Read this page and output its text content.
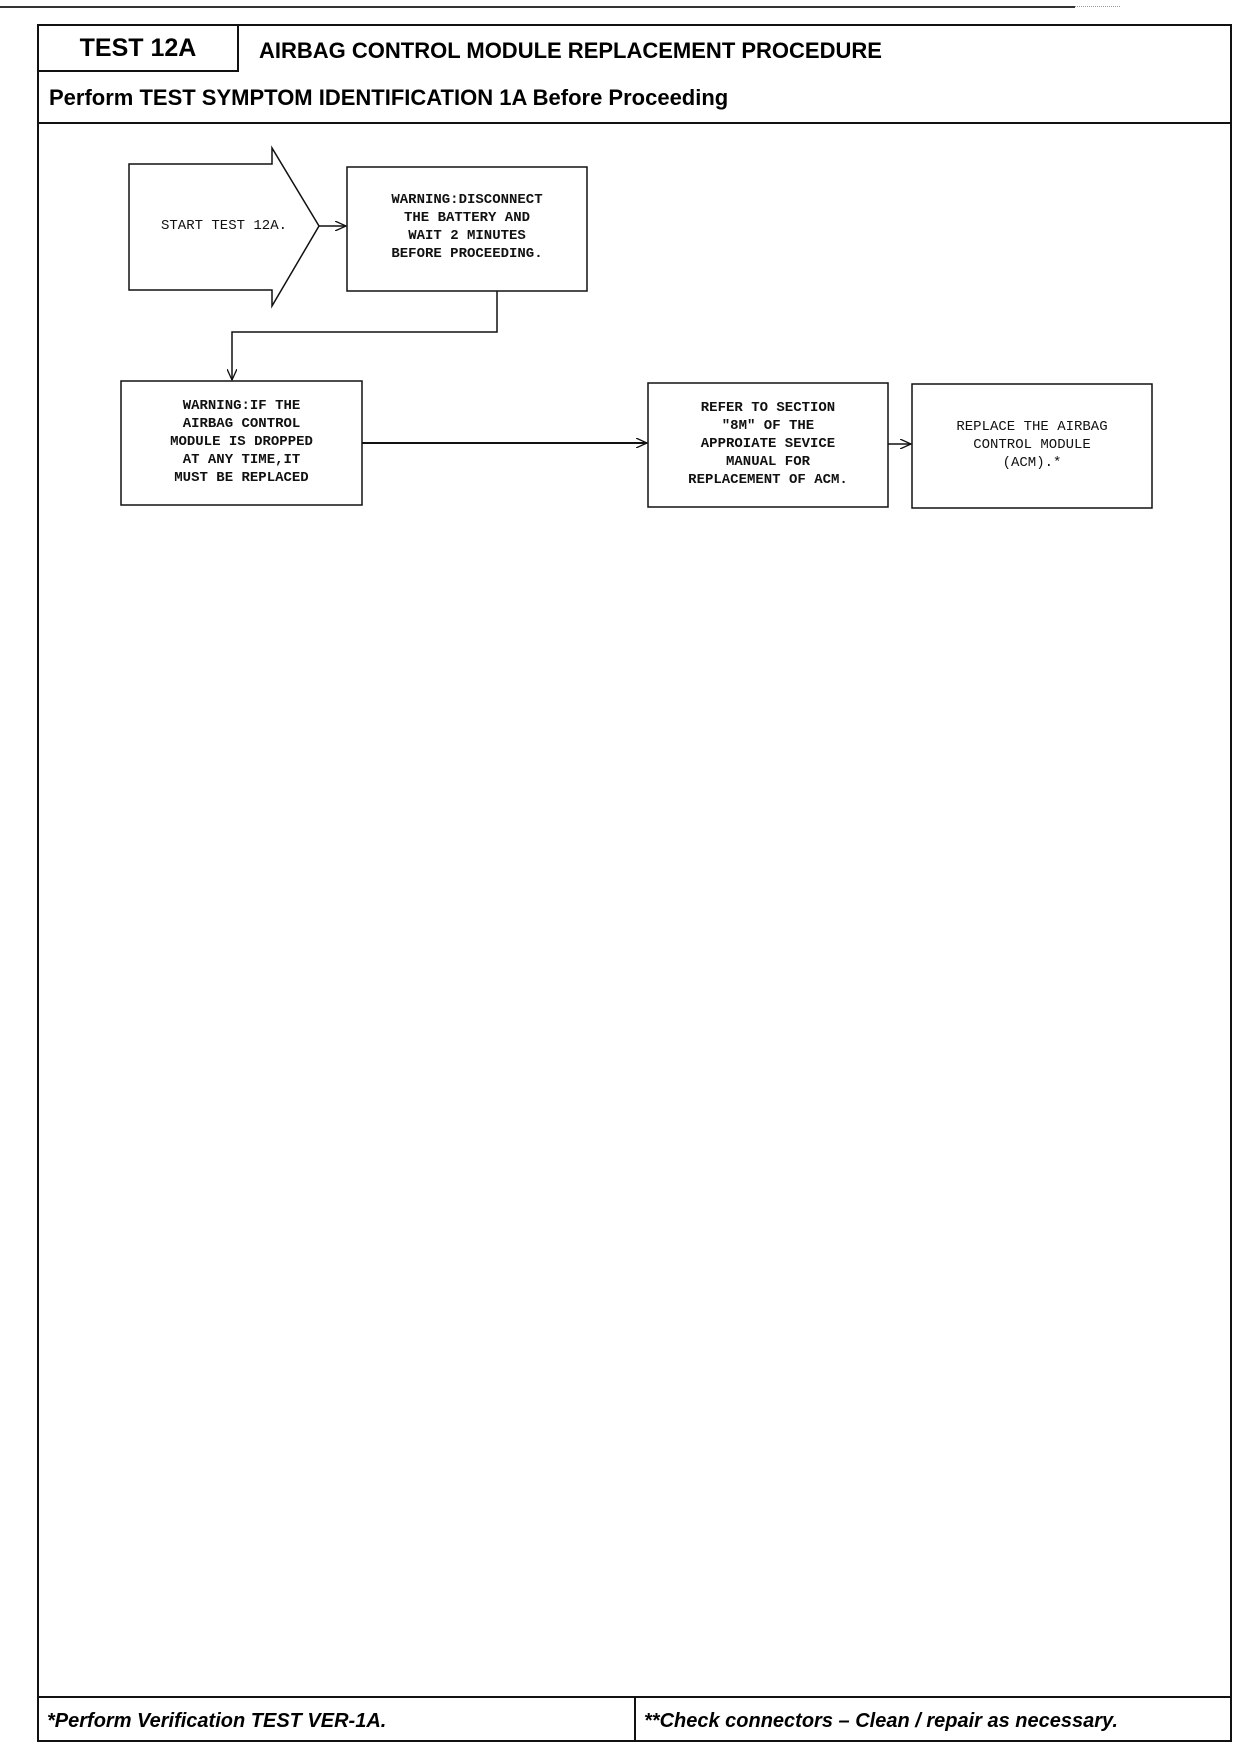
TEST 12A	AIRBAG CONTROL MODULE REPLACEMENT PROCEDURE
Perform TEST SYMPTOM IDENTIFICATION 1A Before Proceeding
START TEST 12A.
WARNING:DISCONNECT
THE BATTERY AND
WAIT 2 MINUTES
BEFORE PROCEEDING.
WARNING:IF THE
AIRBAG CONTROL
MODULE IS DROPPED
AT ANY TIME,IT
MUST BE REPLACED
REFER TO SECTION
"8M" OF THE
APPROIATE SEVICE
MANUAL FOR
REPLACEMENT OF ACM.
REPLACE THE AIRBAG
CONTROL MODULE
(ACM).*
*Perform Verification TEST VER-1A.	**Check connectors – Clean / repair as necessary.
